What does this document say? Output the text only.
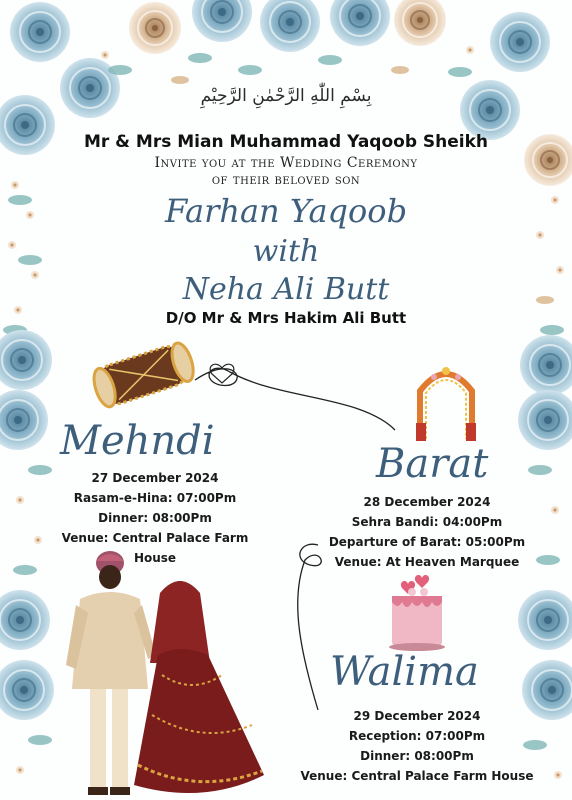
بِسْمِ اللّٰهِ الرَّحْمٰنِ الرَّحِيْمِ
Mr & Mrs Mian Muhammad Yaqoob Sheikh
Invite you at the Wedding Ceremony
of their beloved son
Farhan Yaqoob
with
Neha Ali Butt
D/O Mr & Mrs Hakim Ali Butt
Mehndi
27 December 2024
Rasam-e-Hina: 07:00Pm
Dinner: 08:00Pm
Venue: Central Palace Farm House
Barat
28 December 2024
Sehra Bandi: 04:00Pm
Departure of Barat: 05:00Pm
Venue: At Heaven Marquee
Walima
29 December 2024
Reception: 07:00Pm
Dinner: 08:00Pm
Venue: Central Palace Farm House
